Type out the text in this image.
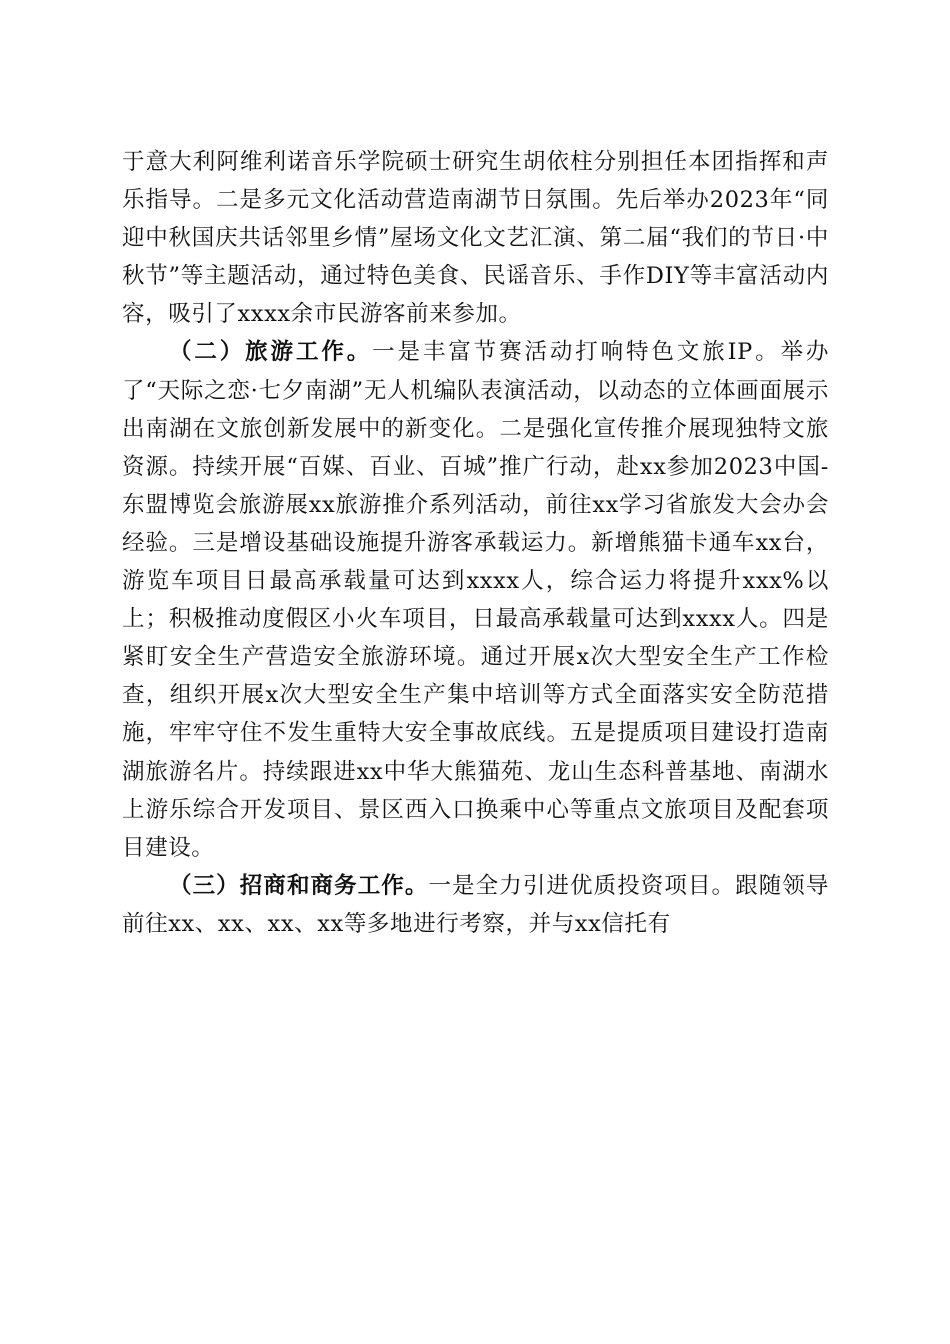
于意大利阿维利诺音乐学院硕士研究生胡依柱分别担任本团指挥和声乐指导。二是多元文化活动营造南湖节日氛围。先后举办2023年“同迎中秋国庆共话邻里乡情”屋场文化文艺汇演、第二届“我们的节日·中秋节”等主题活动，通过特色美食、民谣音乐、手作DIY等丰富活动内容，吸引了xxxx余市民游客前来参加。

（二）旅游工作。一是丰富节赛活动打响特色文旅IP。举办了“天际之恋·七夕南湖”无人机编队表演活动，以动态的立体画面展示出南湖在文旅创新发展中的新变化。二是强化宣传推介展现独特文旅资源。持续开展“百媒、百业、百城”推广行动，赴xx参加2023中国-东盟博览会旅游展xx旅游推介系列活动，前往xx学习省旅发大会办会经验。三是增设基础设施提升游客承载运力。新增熊猫卡通车xx台，游览车项目日最高承载量可达到xxxx人，综合运力将提升xxx%以上；积极推动度假区小火车项目，日最高承载量可达到xxxx人。四是紧盯安全生产营造安全旅游环境。通过开展x次大型安全生产工作检查，组织开展x次大型安全生产集中培训等方式全面落实安全防范措施，牢牢守住不发生重特大安全事故底线。五是提质项目建设打造南湖旅游名片。持续跟进xx中华大熊猫苑、龙山生态科普基地、南湖水上游乐综合开发项目、景区西入口换乘中心等重点文旅项目及配套项目建设。

（三）招商和商务工作。一是全力引进优质投资项目。跟随领导前往xx、xx、xx、xx等多地进行考察，并与xx信托有
